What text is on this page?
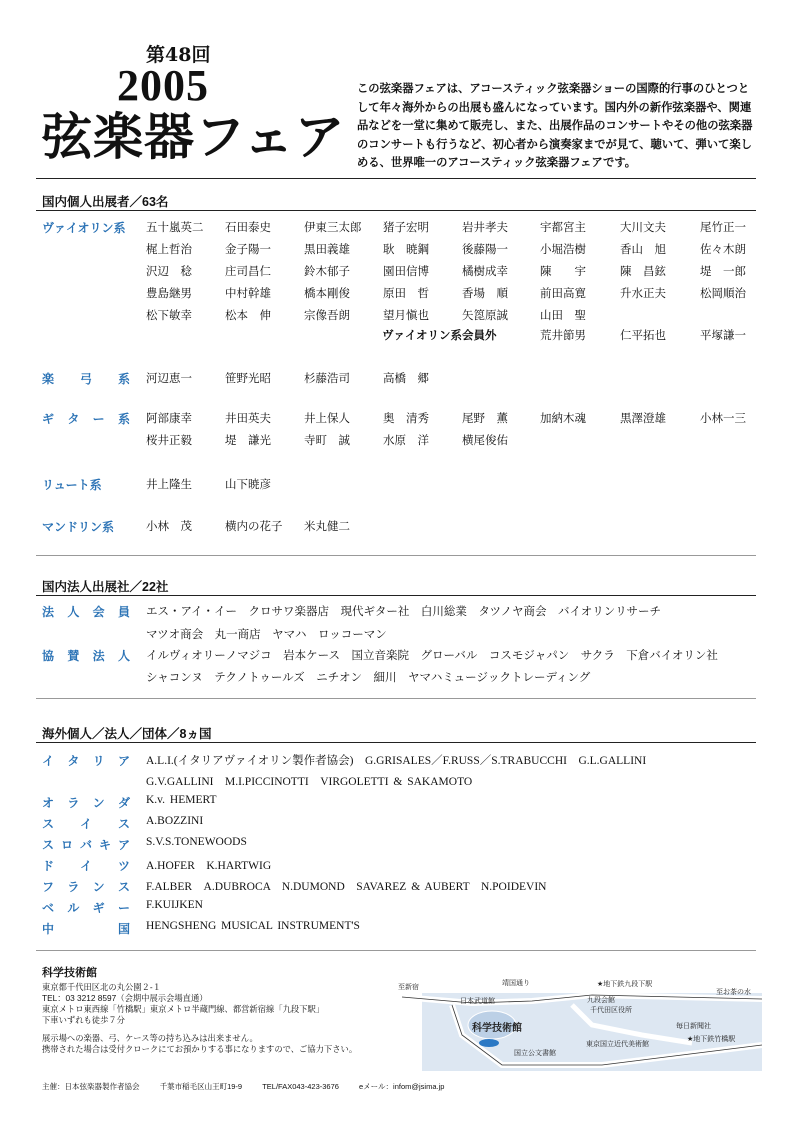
第48回
2005
弦楽器フェア
この弦楽器フェアは、アコースティック弦楽器ショーの国際的行事のひとつとして年々海外からの出展も盛んになっています。国内外の新作弦楽器や、関連品などを一堂に集めて販売し、また、出展作品のコンサートやその他の弦楽器のコンサートも行うなど、初心者から演奏家までが見て、聴いて、弾いて楽しめる、世界唯一のアコースティック弦楽器フェアです。
国内個人出展者／63名
ヴァイオリン系	五十嵐英二 石田泰史	伊東三太郎 猪子宏明	岩井孝夫	宇都宮主	大川文夫	尾竹正一
梶上哲治	金子陽一	黒田義雄	耿　暁鋼	後藤陽一	小堀浩樹	香山　旭	佐々木朗
沢辺　稔	庄司昌仁	鈴木郁子	園田信博	橘樹成幸	陳　　宇	陳　昌鉉	堤　一郎
豊島継男	中村幹雄	橋本剛俊	原田　哲	香場　順	前田高寛	升水正夫	松岡順治
松下敏幸	松本　伸	宗像吾朗	望月愼也	矢箆原誠	山田　聖
ヴァイオリン系会員外	荒井節男	仁平拓也	平塚謙一
楽 弓 系 河辺恵一	笹野光昭	杉藤浩司	高橋　郷
ギ タ ー 系 阿部康幸	井田英夫	井上保人	奥　清秀	尾野　薫	加納木魂	黒澤澄雄	小林一三
桜井正毅	堤　謙光	寺町　誠	水原　洋	横尾俊佑
リュート系	井上隆生	山下暁彦
マンドリン系	小林　茂	横内の花子 米丸健二
国内法人出展社／22社
法 人 会 員 エス・アイ・イー　クロサワ楽器店　現代ギター社　白川総業　タツノヤ商会　バイオリンリサーチ
マツオ商会　丸一商店　ヤマハ　ロッコーマン
協 賛 法 人 イルヴィオリーノマジコ　岩本ケース　国立音楽院　グローバル　コスモジャパン　サクラ　下倉バイオリン社
シャコンヌ　テクノトゥールズ　ニチオン　細川　ヤマハミュージックトレーディング
海外個人／法人／団体／8ヵ国
イ タ リ ア A.L.I.(イタリアヴァイオリン製作者協会)　G.GRISALES／F.RUSS／S.TRABUCCHI　G.L.GALLINI
G.V.GALLINI　M.I.PICCINOTTI　VIRGOLETTI & SAKAMOTO
オ ラ ン ダ K.v. HEMERT
ス イ ス A.BOZZINI
ス ロ バ キ ア S.V.S.TONEWOODS
ド イ ツ A.HOFER　K.HARTWIG
フ ラ ン ス F.ALBER　A.DUBROCA　N.DUMOND　SAVAREZ & AUBERT　N.POIDEVIN
ベ ル ギ ー F.KUIJKEN
中	国 HENGSHENG MUSICAL INSTRUMENT'S
科学技術館
東京都千代田区北の丸公園２-１
TEL：03 3212 8597（会期中展示会場直通）
東京メトロ東西線「竹橋駅」東京メトロ半蔵門線、都営新宿線「九段下駅」
下車いずれも徒歩７分
展示場への楽器、弓、ケース等の持ち込みは出来ません。
携帯された場合は受付クロークにてお預かりする事になりますので、ご協力下さい。
至新宿	靖国通り	★地下鉄九段下駅
至お茶の水
日本武道館	九段会館
千代田区役所
科学技術館	毎日新聞社
★地下鉄竹橋駅
国立公文書館
東京国立近代美術館
主催：日本弦楽器製作者協会	千葉市稲毛区山王町19-9	TEL/FAX043-423-3676	eメール：infom@jsima.jp
